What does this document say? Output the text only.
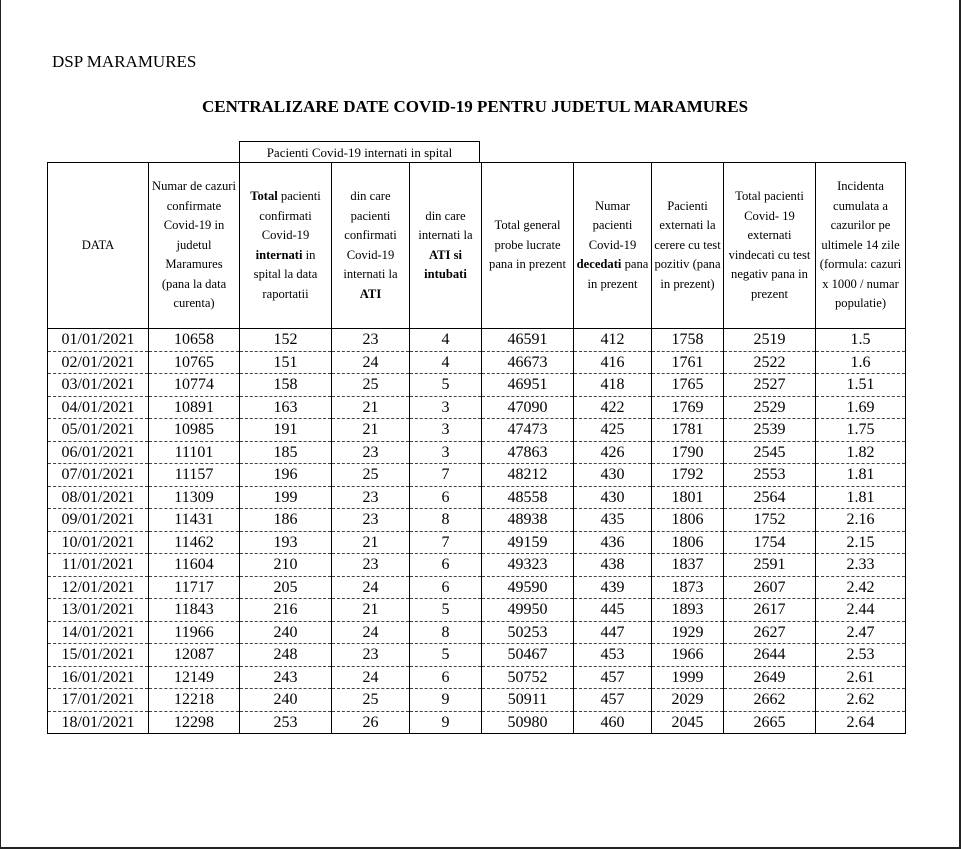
DSP MARAMURES
CENTRALIZARE DATE COVID-19 PENTRU JUDETUL MARAMURES
Pacienti Covid-19 internati in spital
DATA	Numar de cazuri confirmate Covid-19 in judetul Maramures (pana la data curenta)	Total pacienti confirmati Covid-19 internati in spital la data raportatii	din care pacienti confirmati Covid-19 internati la ATI	din care internati la ATI si intubati	Total general probe lucrate pana in prezent	Numar pacienti Covid-19 decedati pana in prezent	Pacienti externati la cerere cu test pozitiv (pana in prezent)	Total pacienti Covid- 19 externati vindecati cu test negativ pana in prezent	Incidenta cumulata a cazurilor pe ultimele 14 zile (formula: cazuri x 1000 / numar populatie)
01/01/2021	10658	152	23	4	46591	412	1758	2519	1.5
02/01/2021	10765	151	24	4	46673	416	1761	2522	1.6
03/01/2021	10774	158	25	5	46951	418	1765	2527	1.51
04/01/2021	10891	163	21	3	47090	422	1769	2529	1.69
05/01/2021	10985	191	21	3	47473	425	1781	2539	1.75
06/01/2021	11101	185	23	3	47863	426	1790	2545	1.82
07/01/2021	11157	196	25	7	48212	430	1792	2553	1.81
08/01/2021	11309	199	23	6	48558	430	1801	2564	1.81
09/01/2021	11431	186	23	8	48938	435	1806	1752	2.16
10/01/2021	11462	193	21	7	49159	436	1806	1754	2.15
11/01/2021	11604	210	23	6	49323	438	1837	2591	2.33
12/01/2021	11717	205	24	6	49590	439	1873	2607	2.42
13/01/2021	11843	216	21	5	49950	445	1893	2617	2.44
14/01/2021	11966	240	24	8	50253	447	1929	2627	2.47
15/01/2021	12087	248	23	5	50467	453	1966	2644	2.53
16/01/2021	12149	243	24	6	50752	457	1999	2649	2.61
17/01/2021	12218	240	25	9	50911	457	2029	2662	2.62
18/01/2021	12298	253	26	9	50980	460	2045	2665	2.64
